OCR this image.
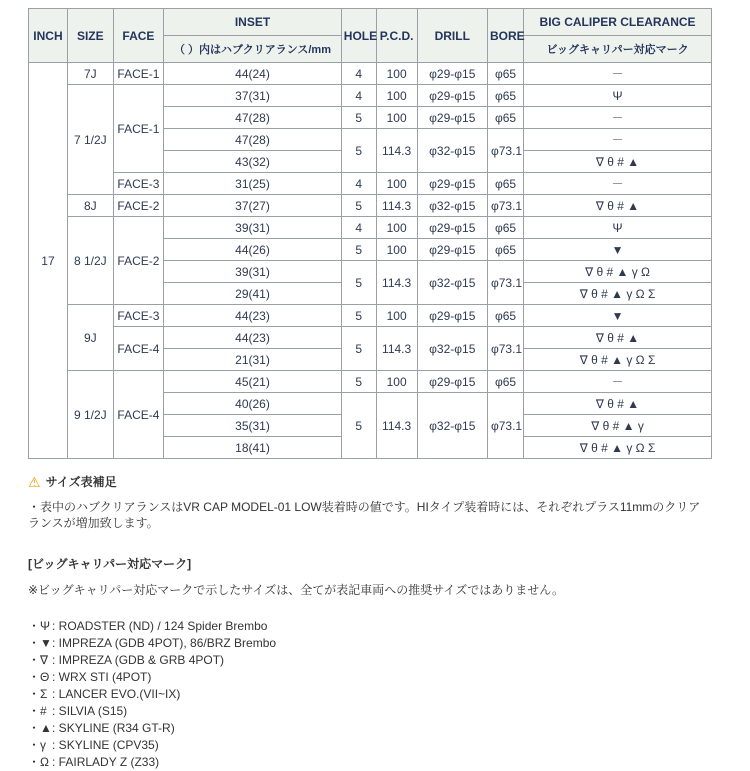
INCH	SIZE	FACE	INSET	HOLE	P.C.D.	DRILL	BORE	BIG CALIPER CLEARANCE
			（ ）内はハブクリアランス/mm					ビッグキャリパー対応マーク
17	7J	FACE-1	44(24)	4	100	φ29-φ15	φ65	－
	7 1/2J	FACE-1	37(31)	4	100	φ29-φ15	φ65	Ψ
			47(28)	5	100	φ29-φ15	φ65	－
			47(28)	5	114.3	φ32-φ15	φ73.1	－
			43(32)					∇ θ # ▲
		FACE-3	31(25)	4	100	φ29-φ15	φ65	－
	8J	FACE-2	37(27)	5	114.3	φ32-φ15	φ73.1	∇ θ # ▲
	8 1/2J	FACE-2	39(31)	4	100	φ29-φ15	φ65	Ψ
			44(26)	5	100	φ29-φ15	φ65	▼
			39(31)	5	114.3	φ32-φ15	φ73.1	∇ θ # ▲ γ Ω
			29(41)					∇ θ # ▲ γ Ω Σ
	9J	FACE-3	44(23)	5	100	φ29-φ15	φ65	▼
		FACE-4	44(23)	5	114.3	φ32-φ15	φ73.1	∇ θ # ▲
			21(31)					∇ θ # ▲ γ Ω Σ
	9 1/2J	FACE-4	45(21)	5	100	φ29-φ15	φ65	－
			40(26)	5	114.3	φ32-φ15	φ73.1	∇ θ # ▲
			35(31)					∇ θ # ▲ γ
			18(41)					∇ θ # ▲ γ Ω Σ
⚠ サイズ表補足
・表中のハブクリアランスはVR CAP MODEL-01 LOW装着時の値です。HIタイプ装着時には、それぞれプラス11mmのクリアランスが増加致します。
[ビッグキャリパー対応マーク]
※ビッグキャリパー対応マークで示したサイズは、全てが表記車両への推奨サイズではありません。
・Ψ : ROADSTER (ND) / 124 Spider Brembo
・▼: IMPREZA (GDB 4POT), 86/BRZ Brembo
・∇ : IMPREZA (GDB & GRB 4POT)
・Θ : WRX STI (4POT)
・Σ : LANCER EVO.(VII~IX)
・# : SILVIA (S15)
・▲: SKYLINE (R34 GT-R)
・γ : SKYLINE (CPV35)
・Ω : FAIRLADY Z (Z33)
